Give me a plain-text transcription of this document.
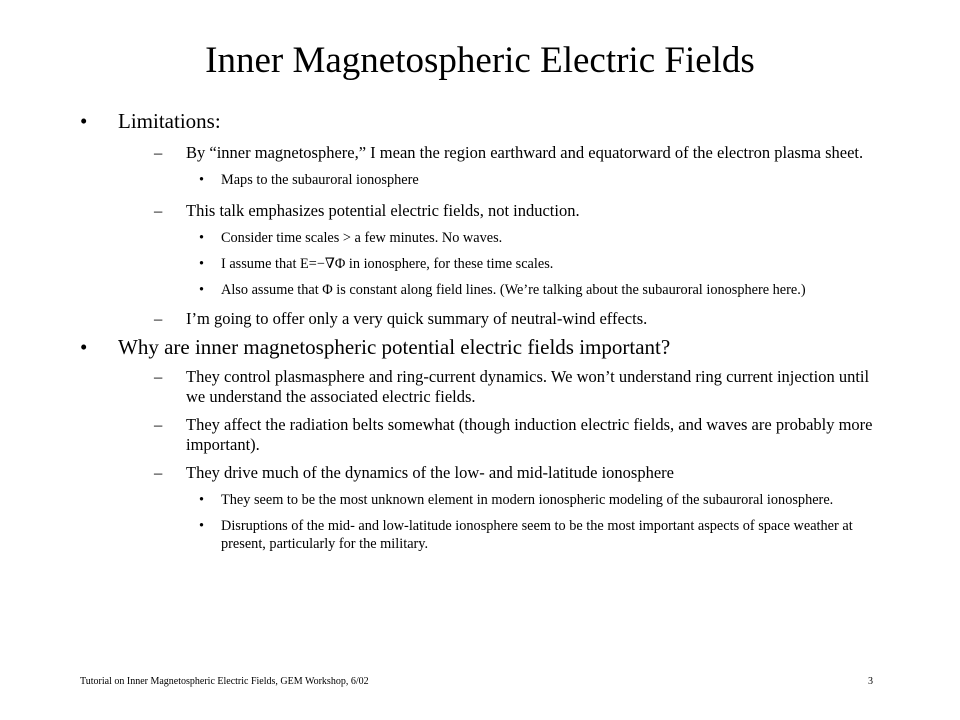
Inner Magnetospheric Electric Fields
•	Limitations:
–	By “inner magnetosphere,” I mean the region earthward and equatorward of the electron plasma sheet.
•	Maps to the subauroral ionosphere
–	This talk emphasizes potential electric fields, not induction.
•	Consider time scales > a few minutes. No waves.
•	I assume that E=−∇Φ in ionosphere, for these time scales.
•	Also assume that Φ is constant along field lines. (We’re talking about the subauroral ionosphere here.)
–	I’m going to offer only a very quick summary of neutral-wind effects.
•	Why are inner magnetospheric potential electric fields important?
–	They control plasmasphere and ring-current dynamics. We won’t understand ring current injection until we understand the associated electric fields.
–	They affect the radiation belts somewhat (though induction electric fields, and waves are probably more important).
–	They drive much of the dynamics of the low- and mid-latitude ionosphere
•	They seem to be the most unknown element in modern ionospheric modeling of the subauroral ionosphere.
•	Disruptions of the mid- and low-latitude ionosphere seem to be the most important aspects of space weather at present, particularly for the military.
Tutorial on Inner Magnetospheric Electric Fields, GEM Workshop, 6/02	3
